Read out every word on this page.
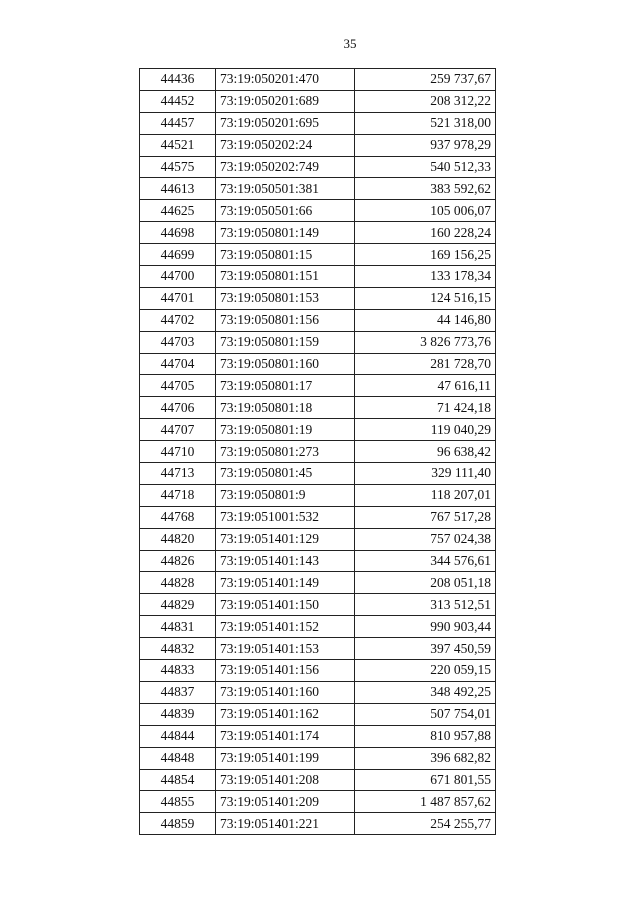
35
44436	73:19:050201:470	259 737,67
44452	73:19:050201:689	208 312,22
44457	73:19:050201:695	521 318,00
44521	73:19:050202:24	937 978,29
44575	73:19:050202:749	540 512,33
44613	73:19:050501:381	383 592,62
44625	73:19:050501:66	105 006,07
44698	73:19:050801:149	160 228,24
44699	73:19:050801:15	169 156,25
44700	73:19:050801:151	133 178,34
44701	73:19:050801:153	124 516,15
44702	73:19:050801:156	44 146,80
44703	73:19:050801:159	3 826 773,76
44704	73:19:050801:160	281 728,70
44705	73:19:050801:17	47 616,11
44706	73:19:050801:18	71 424,18
44707	73:19:050801:19	119 040,29
44710	73:19:050801:273	96 638,42
44713	73:19:050801:45	329 111,40
44718	73:19:050801:9	118 207,01
44768	73:19:051001:532	767 517,28
44820	73:19:051401:129	757 024,38
44826	73:19:051401:143	344 576,61
44828	73:19:051401:149	208 051,18
44829	73:19:051401:150	313 512,51
44831	73:19:051401:152	990 903,44
44832	73:19:051401:153	397 450,59
44833	73:19:051401:156	220 059,15
44837	73:19:051401:160	348 492,25
44839	73:19:051401:162	507 754,01
44844	73:19:051401:174	810 957,88
44848	73:19:051401:199	396 682,82
44854	73:19:051401:208	671 801,55
44855	73:19:051401:209	1 487 857,62
44859	73:19:051401:221	254 255,77
